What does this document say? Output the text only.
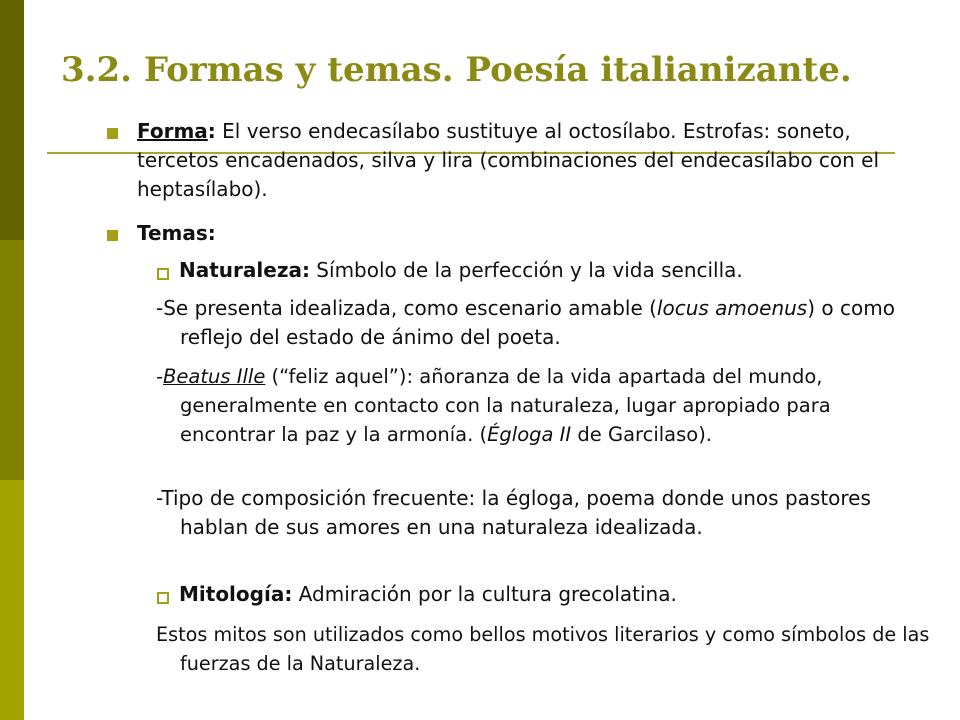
3.2. Formas y temas. Poesía italianizante.
Forma: El verso endecasílabo sustituye al octosílabo. Estrofas: soneto, tercetos encadenados, silva y lira (combinaciones del endecasílabo con el heptasílabo).
Temas:
Naturaleza: Símbolo de la perfección y la vida sencilla.
-Se presenta idealizada, como escenario amable (locus amoenus) o como reflejo del estado de ánimo del poeta.
-Beatus Ille (“feliz aquel”): añoranza de la vida apartada del mundo, generalmente en contacto con la naturaleza, lugar apropiado para encontrar la paz y la armonía. (Égloga II de Garcilaso).
-Tipo de composición frecuente: la égloga, poema donde unos pastores hablan de sus amores en una naturaleza idealizada.
Mitología: Admiración por la cultura grecolatina.
Estos mitos son utilizados como bellos motivos literarios y como símbolos de las fuerzas de la Naturaleza.
